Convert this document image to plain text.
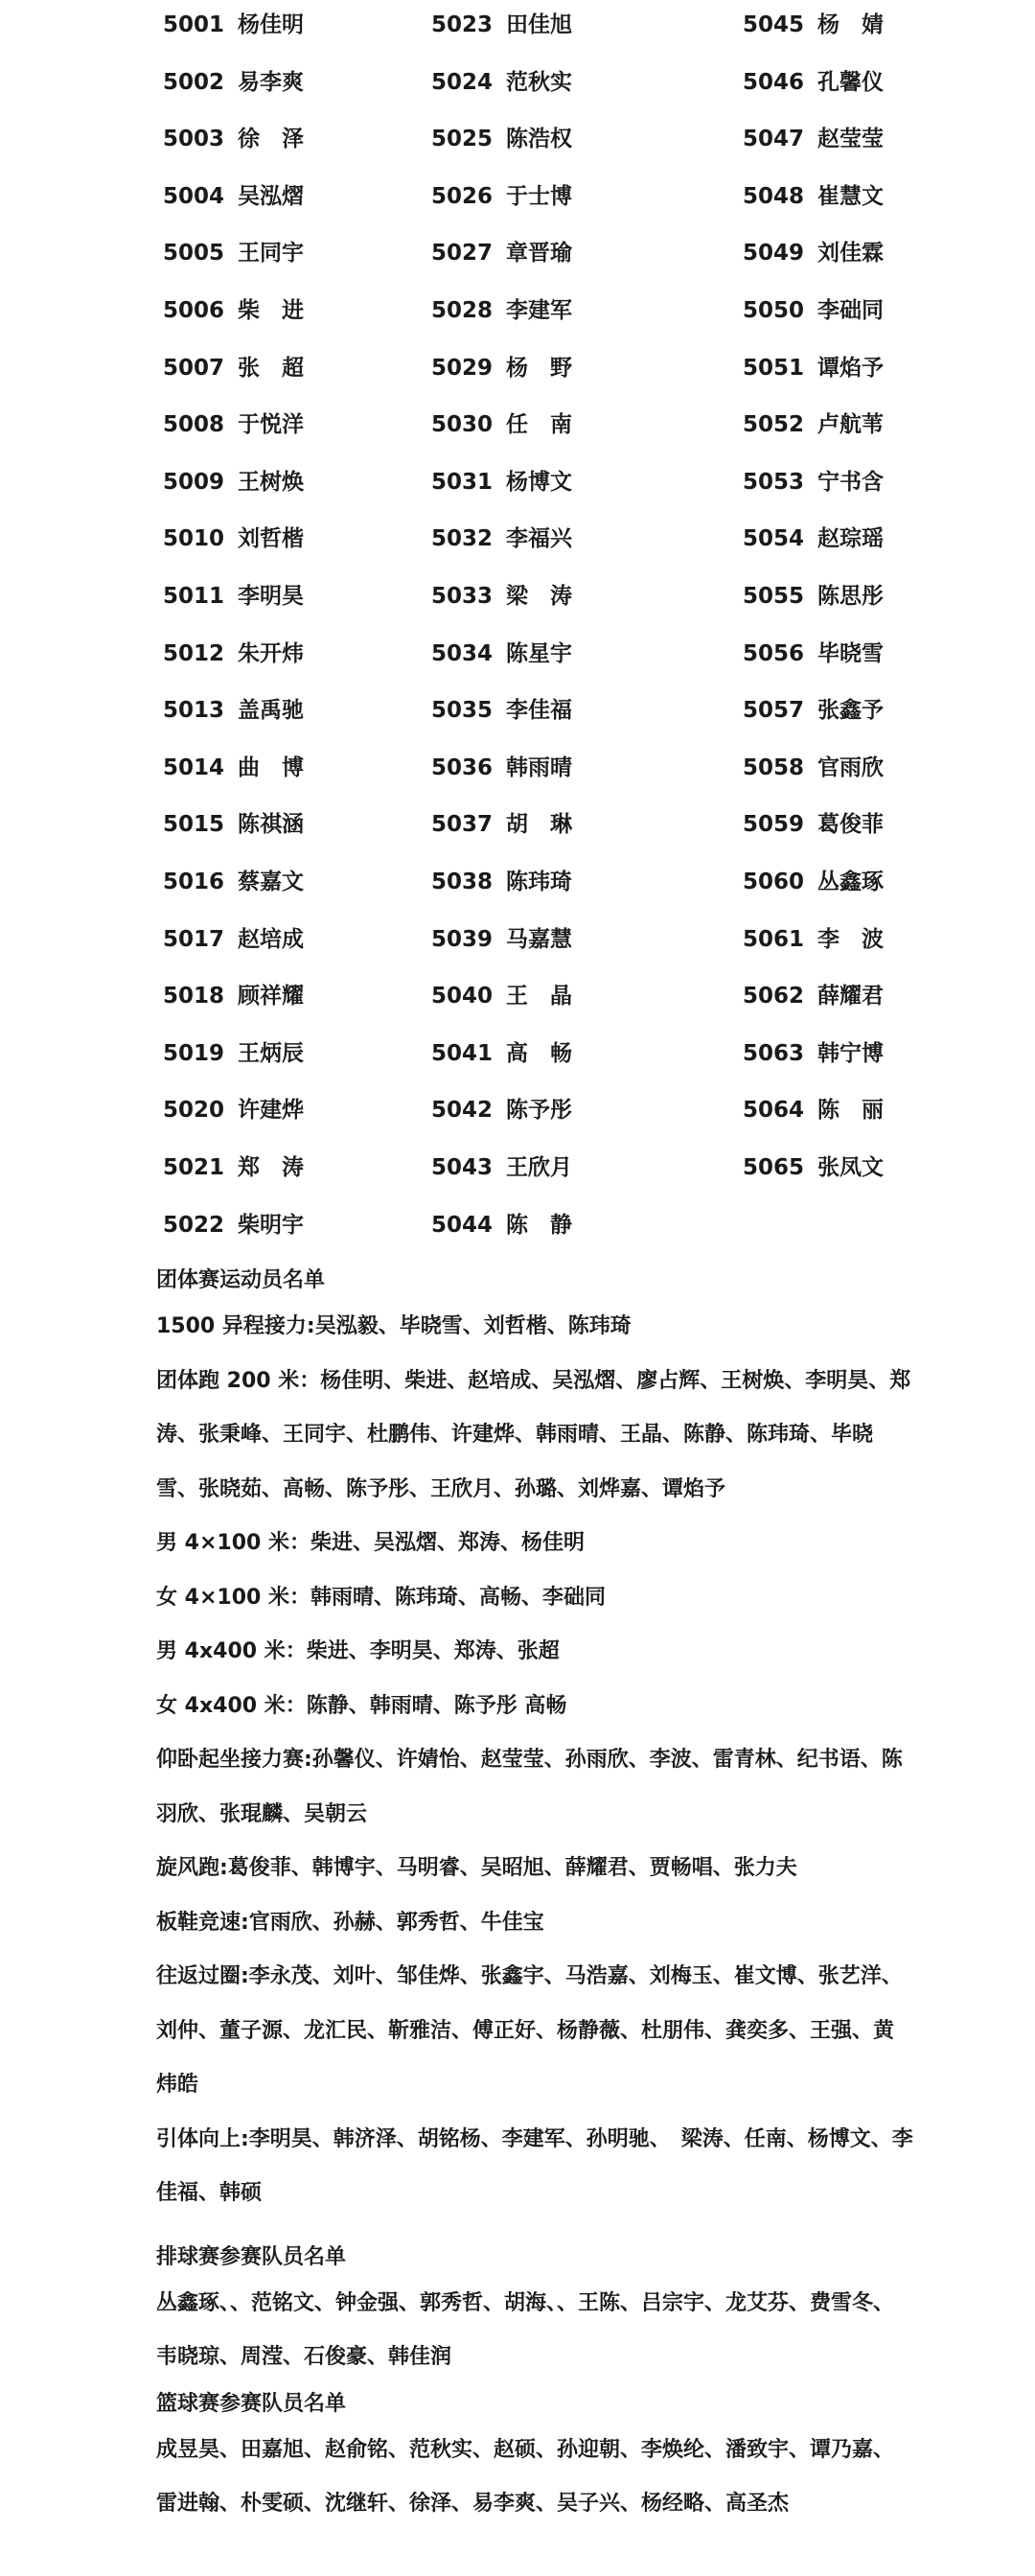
5001 杨佳明
5002 易李爽
5003 徐　泽
5004 吴泓熠
5005 王同宇
5006 柴　进
5007 张　超
5008 于悦洋
5009 王树焕
5010 刘哲楷
5011 李明昊
5012 朱开炜
5013 盖禹驰
5014 曲　博
5015 陈祺涵
5016 蔡嘉文
5017 赵培成
5018 顾祥耀
5019 王炳辰
5020 许建烨
5021 郑　涛
5022 柴明宇
5023 田佳旭
5024 范秋实
5025 陈浩权
5026 于士博
5027 章晋瑜
5028 李建军
5029 杨　野
5030 任　南
5031 杨博文
5032 李福兴
5033 梁　涛
5034 陈星宇
5035 李佳福
5036 韩雨晴
5037 胡　琳
5038 陈玮琦
5039 马嘉慧
5040 王　晶
5041 高　畅
5042 陈予彤
5043 王欣月
5044 陈　静
5045 杨　婧
5046 孔馨仪
5047 赵莹莹
5048 崔慧文
5049 刘佳霖
5050 李础同
5051 谭焰予
5052 卢航苇
5053 宁书含
5054 赵琮瑶
5055 陈思彤
5056 毕晓雪
5057 张鑫予
5058 官雨欣
5059 葛俊菲
5060 丛鑫琢
5061 李　波
5062 薛耀君
5063 韩宁博
5064 陈　丽
5065 张凤文

团体赛运动员名单

1500 异程接力:吴泓毅、毕晓雪、刘哲楷、陈玮琦

团体跑 200 米：杨佳明、柴进、赵培成、吴泓熠、廖占辉、王树焕、李明昊、郑涛、张秉峰、王同宇、杜鹏伟、许建烨、韩雨晴、王晶、陈静、陈玮琦、毕晓雪、张晓茹、高畅、陈予彤、王欣月、孙璐、刘烨嘉、谭焰予

男 4×100 米：柴进、吴泓熠、郑涛、杨佳明

女 4×100 米：韩雨晴、陈玮琦、高畅、李础同

男 4x400 米：柴进、李明昊、郑涛、张超

女 4x400 米：陈静、韩雨晴、陈予彤 高畅

仰卧起坐接力赛:孙馨仪、许婧怡、赵莹莹、孙雨欣、李波、雷青林、纪书语、陈羽欣、张琨麟、吴朝云

旋风跑:葛俊菲、韩博宇、马明睿、吴昭旭、薛耀君、贾畅唱、张力夫

板鞋竞速:官雨欣、孙赫、郭秀哲、牛佳宝

往返过圈:李永茂、刘叶、邹佳烨、张鑫宇、马浩嘉、刘梅玉、崔文博、张艺洋、刘仲、董子源、龙汇民、靳雅洁、傅正好、杨静薇、杜朋伟、龚奕多、王强、黄炜皓

引体向上:李明昊、韩济泽、胡铭杨、李建军、孙明驰、　梁涛、任南、杨博文、李佳福、韩硕

排球赛参赛队员名单

丛鑫琢、、范铭文、钟金强、郭秀哲、胡海、、王陈、吕宗宇、龙艾芬、费雪冬、韦晓琼、周滢、石俊豪、韩佳润

篮球赛参赛队员名单

成昱昊、田嘉旭、赵俞铭、范秋实、赵硕、孙迎朝、李焕纶、潘致宇、谭乃嘉、雷进翰、朴雯硕、沈继轩、徐泽、易李爽、吴子兴、杨经略、高圣杰
